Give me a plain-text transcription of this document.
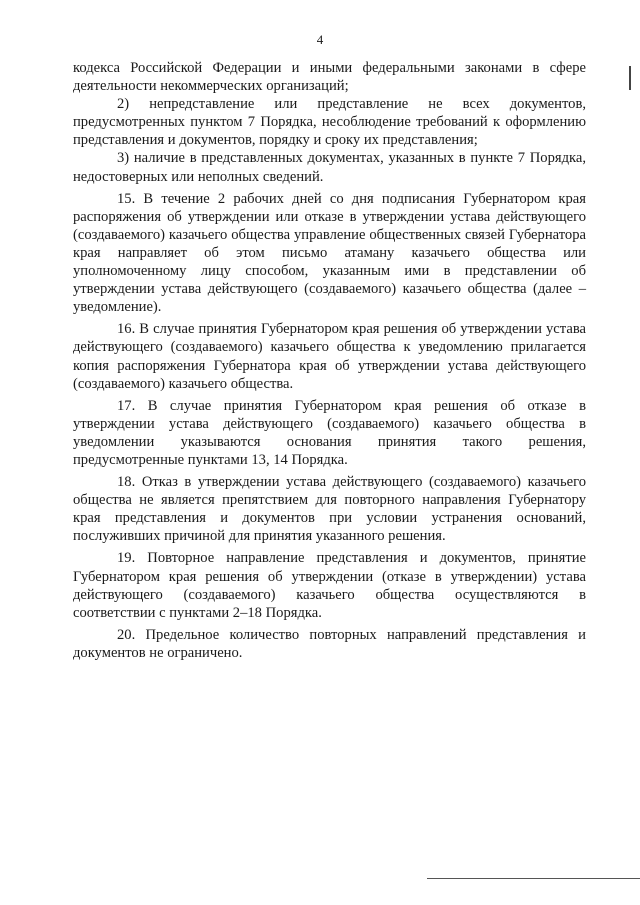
4

кодекса Российской Федерации и иными федеральными законами в сфере деятельности некоммерческих организаций;

2) непредставление или представление не всех документов, предусмотренных пунктом 7 Порядка, несоблюдение требований к оформлению представления и документов, порядку и сроку их представления;

3) наличие в представленных документах, указанных в пункте 7 Порядка, недостоверных или неполных сведений.

15. В течение 2 рабочих дней со дня подписания Губернатором края распоряжения об утверждении или отказе в утверждении устава действующего (создаваемого) казачьего общества управление общественных связей Губернатора края направляет об этом письмо атаману казачьего общества или уполномоченному лицу способом, указанным ими в представлении об утверждении устава действующего (создаваемого) казачьего общества (далее – уведомление).

16. В случае принятия Губернатором края решения об утверждении устава действующего (создаваемого) казачьего общества к уведомлению прилагается копия распоряжения Губернатора края об утверждении устава действующего (создаваемого) казачьего общества.

17. В случае принятия Губернатором края решения об отказе в утверждении устава действующего (создаваемого) казачьего общества в уведомлении указываются основания принятия такого решения, предусмотренные пунктами 13, 14 Порядка.

18. Отказ в утверждении устава действующего (создаваемого) казачьего общества не является препятствием для повторного направления Губернатору края представления и документов при условии устранения оснований, послуживших причиной для принятия указанного решения.

19. Повторное направление представления и документов, принятие Губернатором края решения об утверждении (отказе в утверждении) устава действующего (создаваемого) казачьего общества осуществляются в соответствии с пунктами 2–18 Порядка.

20. Предельное количество повторных направлений представления и документов не ограничено.
